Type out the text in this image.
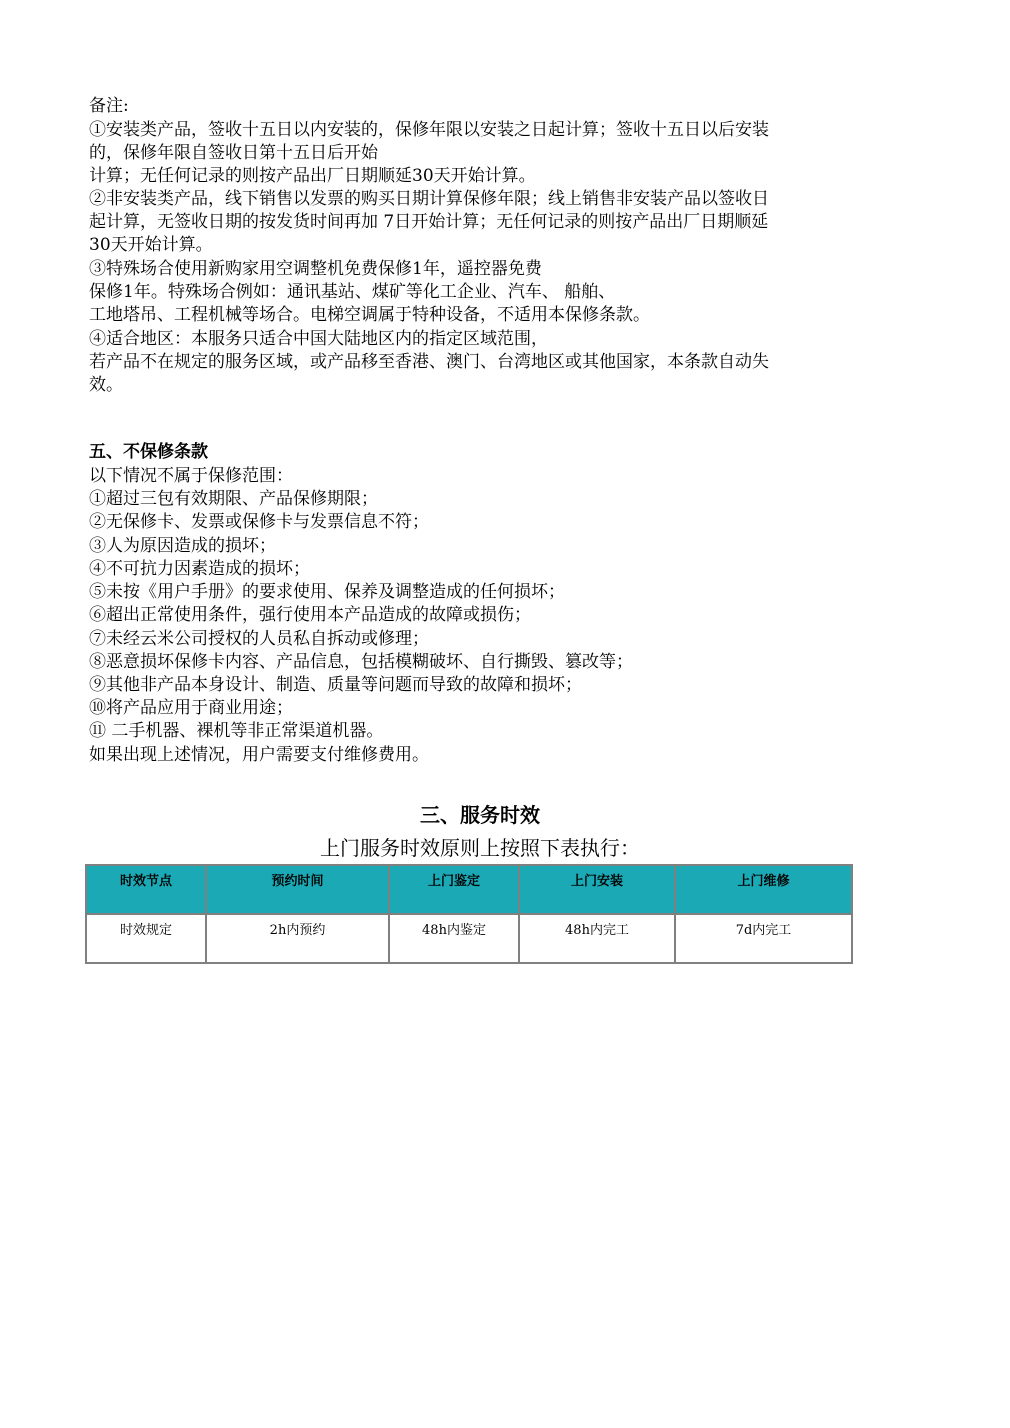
备注:
①安装类产品，签收十五日以内安装的，保修年限以安装之日起计算；签收十五日以后安装
的，保修年限自签收日第十五日后开始
计算；无任何记录的则按产品出厂日期顺延30天开始计算。
②非安装类产品，线下销售以发票的购买日期计算保修年限；线上销售非安装产品以签收日
起计算，无签收日期的按发货时间再加 7日开始计算；无任何记录的则按产品出厂日期顺延
30天开始计算。
③特殊场合使用新购家用空调整机免费保修1年，遥控器免费
保修1年。特殊场合例如：通讯基站、煤矿等化工企业、汽车、 船舶、
工地塔吊、工程机械等场合。电梯空调属于特种设备，不适用本保修条款。
④适合地区：本服务只适合中国大陆地区内的指定区域范围，
若产品不在规定的服务区域，或产品移至香港、澳门、台湾地区或其他国家，本条款自动失
效。
五、不保修条款
以下情况不属于保修范围：
①超过三包有效期限、产品保修期限；
②无保修卡、发票或保修卡与发票信息不符；
③人为原因造成的损坏；
④不可抗力因素造成的损坏；
⑤未按《用户手册》的要求使用、保养及调整造成的任何损坏；
⑥超出正常使用条件，强行使用本产品造成的故障或损伤；
⑦未经云米公司授权的人员私自拆动或修理；
⑧恶意损坏保修卡内容、产品信息，包括模糊破坏、自行撕毁、篡改等；
⑨其他非产品本身设计、制造、质量等问题而导致的故障和损坏；
⑩将产品应用于商业用途；
⑪ 二手机器、裸机等非正常渠道机器。
如果出现上述情况，用户需要支付维修费用。
三、服务时效
上门服务时效原则上按照下表执行：
时效节点	预约时间	上门鉴定	上门安装	上门维修
时效规定	2h内预约	48h内鉴定	48h内完工	7d内完工
